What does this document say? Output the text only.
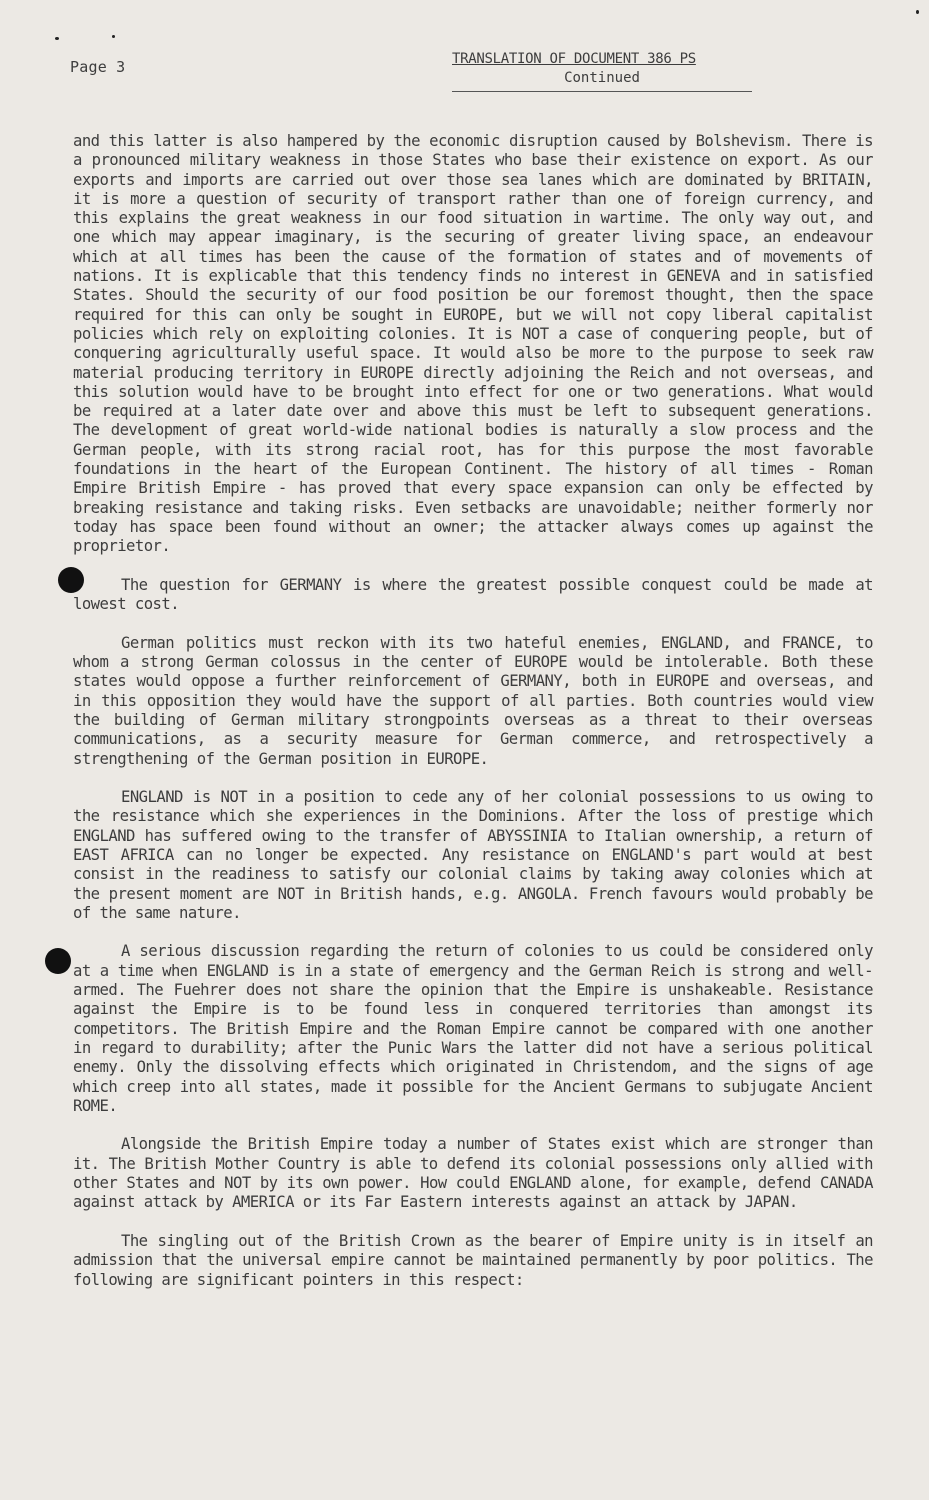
Page 3	TRANSLATION OF DOCUMENT 386 PS
Continued

and this latter is also hampered by the economic disruption caused by Bolshevism. There is a pronounced military weakness in those States who base their existence on export. As our exports and imports are carried out over those sea lanes which are dominated by BRITAIN, it is more a question of security of transport rather than one of foreign currency, and this explains the great weakness in our food situation in wartime. The only way out, and one which may appear imaginary, is the securing of greater living space, an endeavour which at all times has been the cause of the formation of states and of movements of nations. It is explicable that this tendency finds no interest in GENEVA and in satisfied States. Should the security of our food position be our foremost thought, then the space required for this can only be sought in EUROPE, but we will not copy liberal capitalist policies which rely on exploiting colonies. It is NOT a case of conquering people, but of conquering agriculturally useful space. It would also be more to the purpose to seek raw material producing territory in EUROPE directly adjoining the Reich and not overseas, and this solution would have to be brought into effect for one or two generations. What would be required at a later date over and above this must be left to subsequent generations. The development of great world-wide national bodies is naturally a slow process and the German people, with its strong racial root, has for this purpose the most favorable foundations in the heart of the European Continent. The history of all times - Roman Empire British Empire - has proved that every space expansion can only be effected by breaking resistance and taking risks. Even setbacks are unavoidable; neither formerly nor today has space been found without an owner; the attacker always comes up against the proprietor.

The question for GERMANY is where the greatest possible conquest could be made at lowest cost.

German politics must reckon with its two hateful enemies, ENGLAND, and FRANCE, to whom a strong German colossus in the center of EUROPE would be intolerable. Both these states would oppose a further reinforcement of GERMANY, both in EUROPE and overseas, and in this opposition they would have the support of all parties. Both countries would view the building of German military strongpoints overseas as a threat to their overseas communications, as a security measure for German commerce, and retrospectively a strengthening of the German position in EUROPE.

ENGLAND is NOT in a position to cede any of her colonial possessions to us owing to the resistance which she experiences in the Dominions. After the loss of prestige which ENGLAND has suffered owing to the transfer of ABYSSINIA to Italian ownership, a return of EAST AFRICA can no longer be expected. Any resistance on ENGLAND's part would at best consist in the readiness to satisfy our colonial claims by taking away colonies which at the present moment are NOT in British hands, e.g. ANGOLA. French favours would probably be of the same nature.

A serious discussion regarding the return of colonies to us could be considered only at a time when ENGLAND is in a state of emergency and the German Reich is strong and well-armed. The Fuehrer does not share the opinion that the Empire is unshakeable. Resistance against the Empire is to be found less in conquered territories than amongst its competitors. The British Empire and the Roman Empire cannot be compared with one another in regard to durability; after the Punic Wars the latter did not have a serious political enemy. Only the dissolving effects which originated in Christendom, and the signs of age which creep into all states, made it possible for the Ancient Germans to subjugate Ancient ROME.

Alongside the British Empire today a number of States exist which are stronger than it. The British Mother Country is able to defend its colonial possessions only allied with other States and NOT by its own power. How could ENGLAND alone, for example, defend CANADA against attack by AMERICA or its Far Eastern interests against an attack by JAPAN.

The singling out of the British Crown as the bearer of Empire unity is in itself an admission that the universal empire cannot be maintained permanently by poor politics. The following are significant pointers in this respect:
